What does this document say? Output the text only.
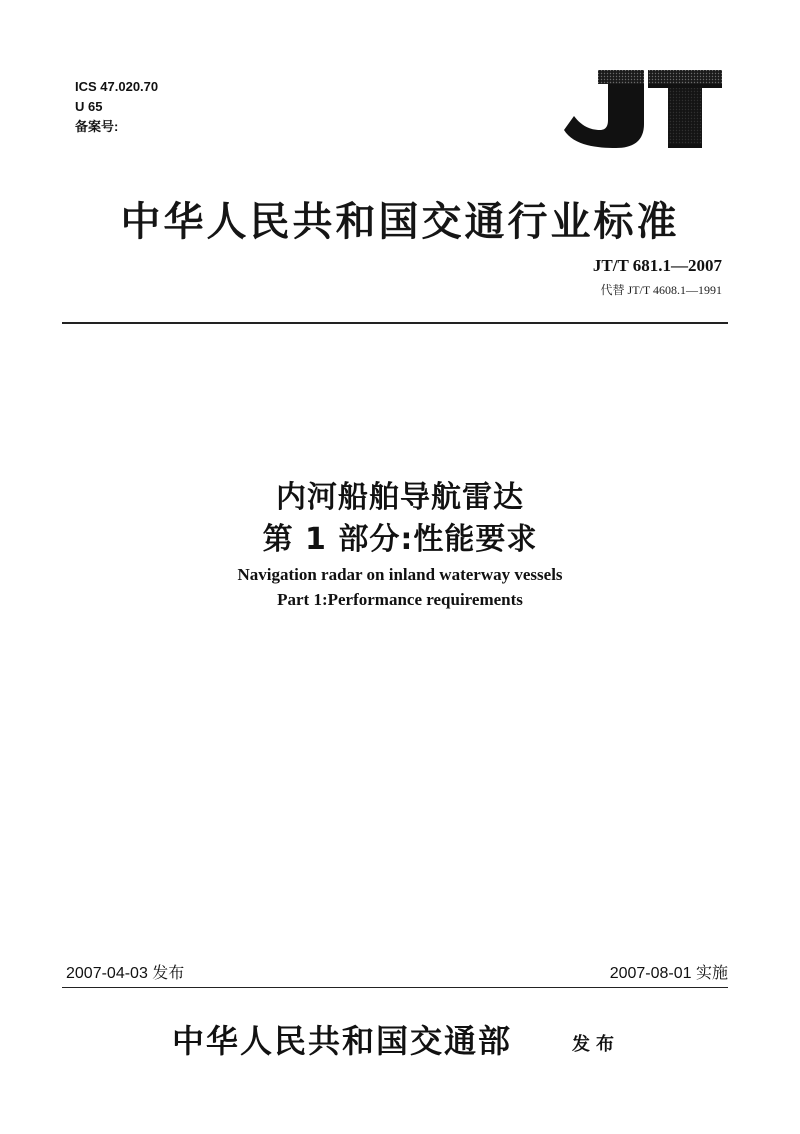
ICS 47.020.70
U 65
备案号:
中华人民共和国交通行业标准
JT/T 681.1—2007
代替 JT/T 4608.1—1991
内河船舶导航雷达
第 1 部分:性能要求
Navigation radar on inland waterway vessels
Part 1:Performance requirements
2007-04-03 发布	2007-08-01 实施
中华人民共和国交通部	发布
